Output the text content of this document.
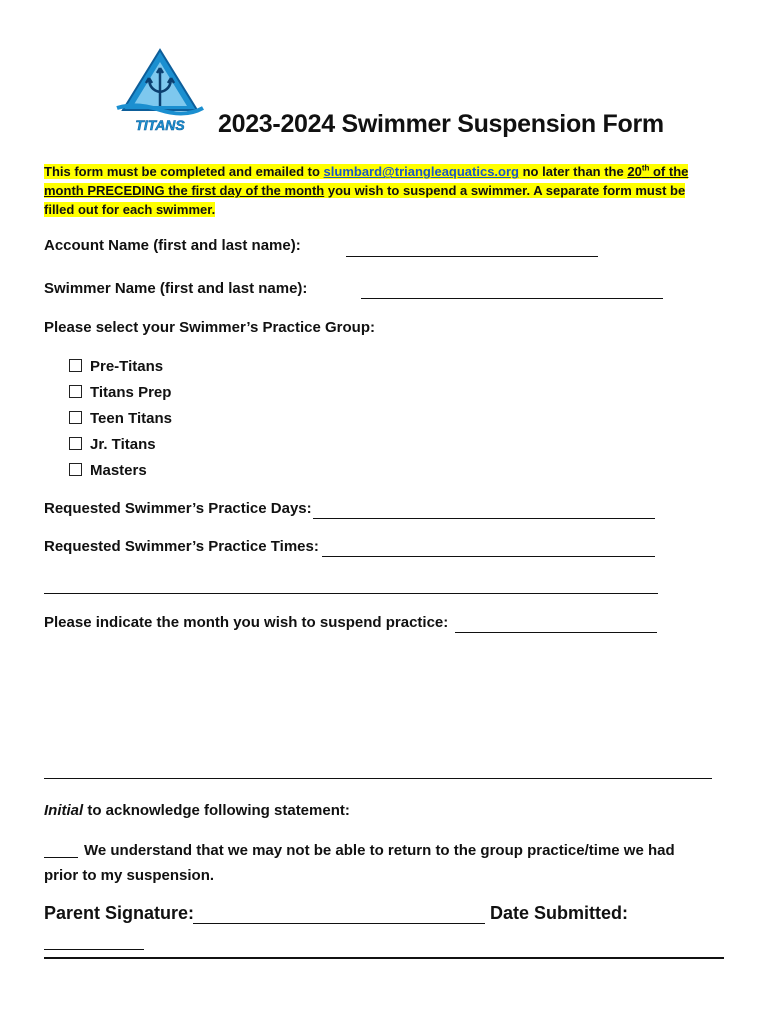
TITANS 2023-2024 Swimmer Suspension Form
This form must be completed and emailed to slumbard@triangleaquatics.org no later than the 20th of the month PRECEDING the first day of the month you wish to suspend a swimmer. A separate form must be filled out for each swimmer.
Account Name (first and last name):
Swimmer Name (first and last name):
Please select your Swimmer’s Practice Group:
Pre-Titans
Titans Prep
Teen Titans
Jr. Titans
Masters
Requested Swimmer’s Practice Days:
Requested Swimmer’s Practice Times:
Please indicate the month you wish to suspend practice:
Initial to acknowledge following statement:
We understand that we may not be able to return to the group practice/time we had
prior to my suspension.
Parent Signature:	Date Submitted:
